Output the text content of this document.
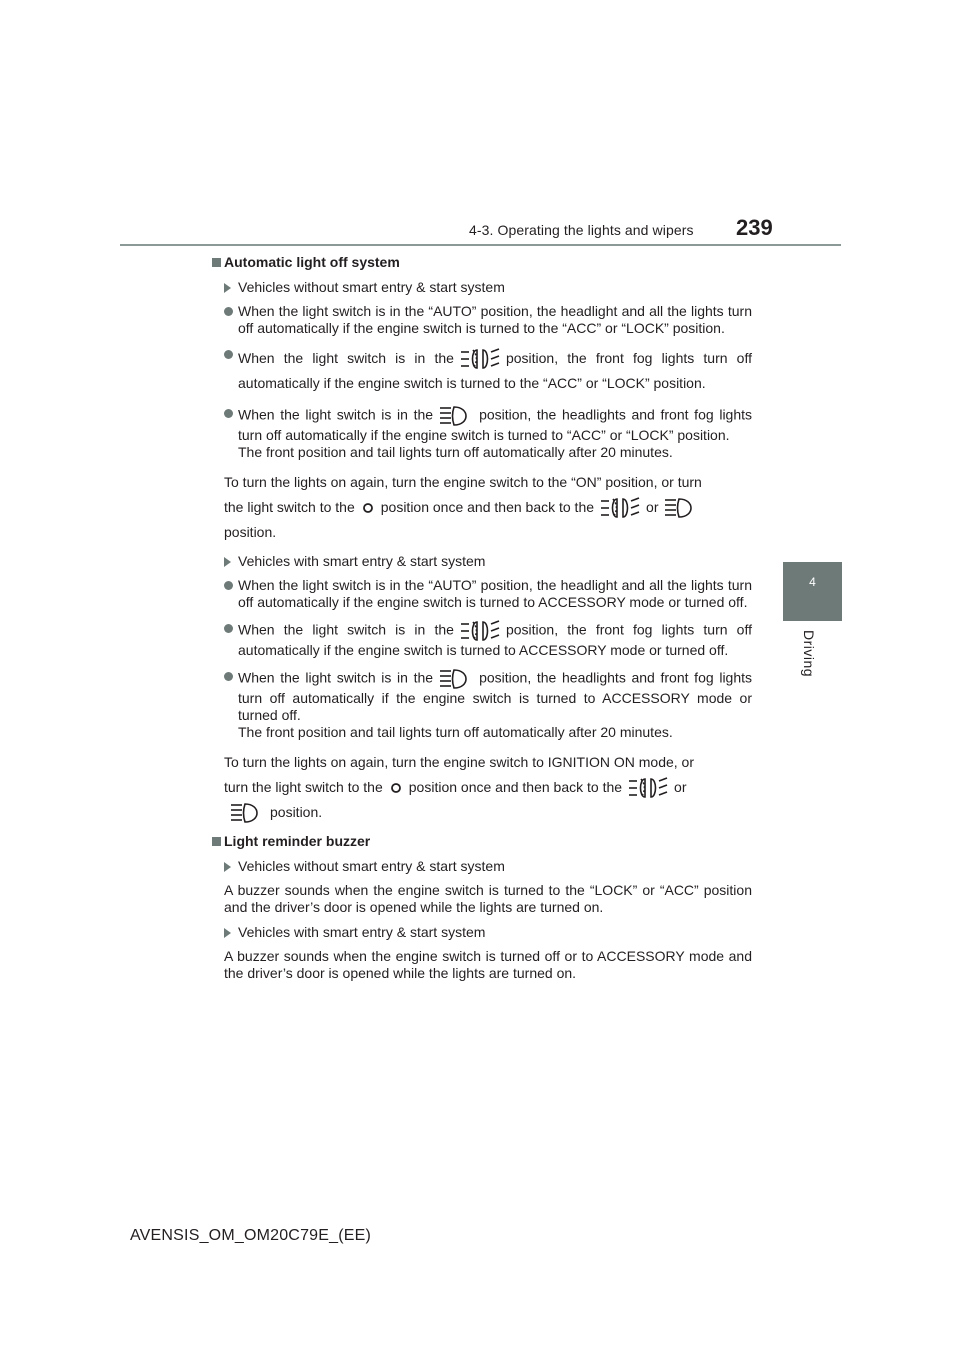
4-3. Operating the lights and wipers 239
4
Driving
Automatic light off system
Vehicles without smart entry & start system
When the light switch is in the “AUTO” position, the headlight and all the lights turn off automatically if the engine switch is turned to the “ACC” or “LOCK” position.
When the light switch is in the	position, the front fog lights turn off automatically if the engine switch is turned to the “ACC” or “LOCK” position.
When the light switch is in the	position, the headlights and front fog lights turn off automatically if the engine switch is turned to “ACC” or “LOCK” position.
The front position and tail lights turn off automatically after 20 minutes.
To turn the lights on again, turn the engine switch to the “ON” position, or turn
the light switch to the position once and then back to the	or

position.
Vehicles with smart entry & start system
When the light switch is in the “AUTO” position, the headlight and all the lights turn off automatically if the engine switch is turned to ACCESSORY mode or turned off.
When the light switch is in the	position, the front fog lights turn off automatically if the engine switch is turned to ACCESSORY mode or turned off.
When the light switch is in the	position, the headlights and front fog lights turn off automatically if the engine switch is turned to ACCESSORY mode or turned off.
The front position and tail lights turn off automatically after 20 minutes.
To turn the lights on again, turn the engine switch to IGNITION ON mode, or
turn the light switch to the position once and then back to the	or

position.
Light reminder buzzer
Vehicles without smart entry & start system
A buzzer sounds when the engine switch is turned to the “LOCK” or “ACC” position and the driver’s door is opened while the lights are turned on.
Vehicles with smart entry & start system
A buzzer sounds when the engine switch is turned off or to ACCESSORY mode and the driver’s door is opened while the lights are turned on.
AVENSIS_OM_OM20C79E_(EE)
